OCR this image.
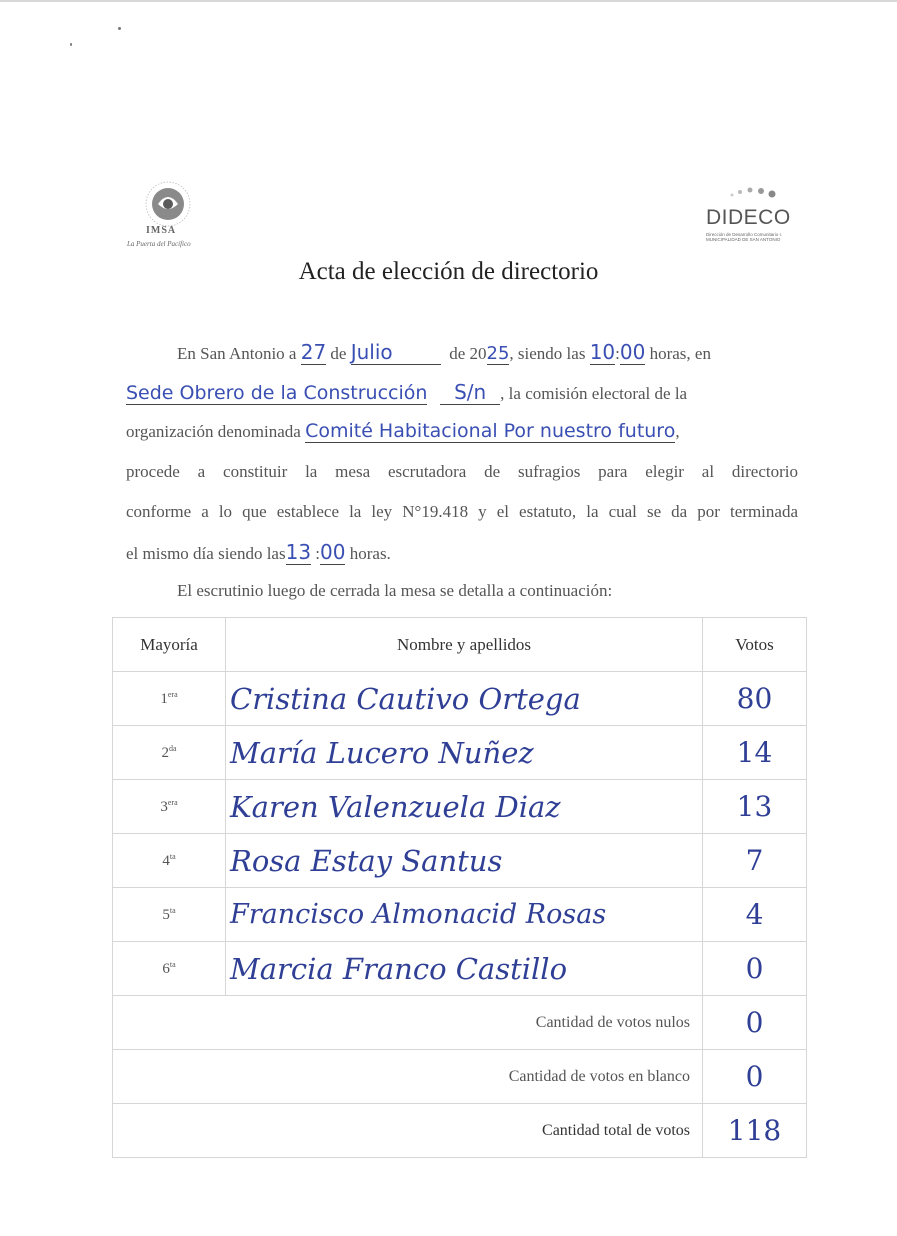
IMSA
La Puerta del Pacífico
DIDECO
Dirección de Desarrollo Comunitario I. MUNICIPALIDAD DE SAN ANTONIO
Acta de elección de directorio
En San Antonio a 27 de Julio	de 2025, siendo las 10:00 horas, en
Sede Obrero de la Construcción S/n , la comisión electoral de la
organización denominada Comité Habitacional Por nuestro futuro,
procede a constituir la mesa escrutadora de sufragios para elegir al directorio
conforme a lo que establece la ley N°19.418 y el estatuto, la cual se da por terminada
el mismo día siendo las13 :00 horas.
El escrutinio luego de cerrada la mesa se detalla a continuación:
Mayoría	Nombre y apellidos	Votos
$1^{era}$	Cristina Cautivo Ortega	80
$2^{da}$	María Lucero Nuñez	14
$3^{era}$	Karen Valenzuela Diaz	13
$4^{ta}$	Rosa Estay Santus	7
$5^{ta}$	Francisco Almonacid Rosas	4
$6^{ta}$	Marcia Franco Castillo	0
Cantidad de votos nulos		0
Cantidad de votos en blanco		0
Cantidad total de votos		118
